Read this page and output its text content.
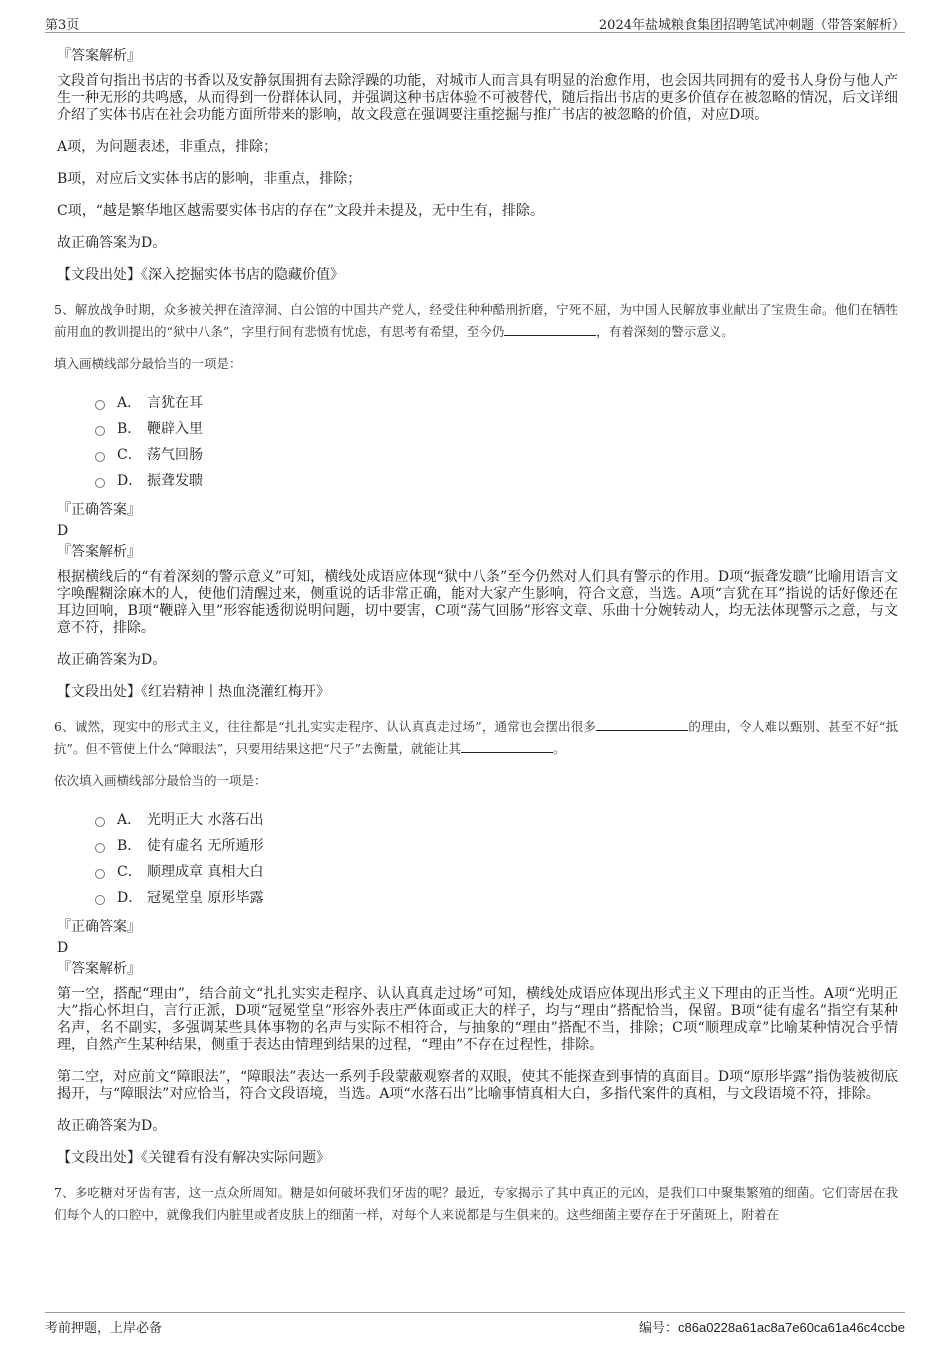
第3页	2024年盐城粮食集团招聘笔试冲刺题（带答案解析）
『答案解析』

文段首句指出书店的书香以及安静氛围拥有去除浮躁的功能，对城市人而言具有明显的治愈作用，也会因共同拥有的爱书人身份与他人产生一种无形的共鸣感，从而得到一份群体认同，并强调这种书店体验不可被替代，随后指出书店的更多价值存在被忽略的情况，后文详细介绍了实体书店在社会功能方面所带来的影响，故文段意在强调要注重挖掘与推广书店的被忽略的价值，对应D项。

A项，为问题表述，非重点，排除；

B项，对应后文实体书店的影响，非重点，排除；

C项，“越是繁华地区越需要实体书店的存在”文段并未提及，无中生有，排除。

故正确答案为D。

【文段出处】《深入挖掘实体书店的隐藏价值》

5、解放战争时期，众多被关押在渣滓洞、白公馆的中国共产党人，经受住种种酷刑折磨，宁死不屈，为中国人民解放事业献出了宝贵生命。他们在牺牲前用血的教训提出的“狱中八条”，字里行间有悲愤有忧虑，有思考有希望，至今仍	，有着深刻的警示意义。

填入画横线部分最恰当的一项是：

A． 言犹在耳
B． 鞭辟入里
C． 荡气回肠
D． 振聋发聩
『正确答案』
D
『答案解析』

根据横线后的“有着深刻的警示意义”可知，横线处成语应体现“狱中八条”至今仍然对人们具有警示的作用。D项“振聋发聩”比喻用语言文字唤醒糊涂麻木的人，使他们清醒过来，侧重说的话非常正确，能对大家产生影响，符合文意，当选。A项“言犹在耳”指说的话好像还在耳边回响，B项“鞭辟入里”形容能透彻说明问题，切中要害，C项“荡气回肠”形容文章、乐曲十分婉转动人，均无法体现警示之意，与文意不符，排除。

故正确答案为D。

【文段出处】《红岩精神丨热血浇灌红梅开》

6、诚然，现实中的形式主义，往往都是“扎扎实实走程序、认认真真走过场”，通常也会摆出很多	的理由，令人难以甄别、甚至不好“抵抗”。但不管使上什么“障眼法”，只要用结果这把“尺子”去衡量，就能让其	。

依次填入画横线部分最恰当的一项是：

A． 光明正大 水落石出
B． 徒有虚名 无所遁形
C． 顺理成章 真相大白
D． 冠冕堂皇 原形毕露
『正确答案』
D
『答案解析』

第一空，搭配“理由”，结合前文“扎扎实实走程序、认认真真走过场”可知，横线处成语应体现出形式主义下理由的正当性。A项“光明正大”指心怀坦白，言行正派，D项“冠冕堂皇”形容外表庄严体面或正大的样子，均与“理由”搭配恰当，保留。B项“徒有虚名”指空有某种名声，名不副实，多强调某些具体事物的名声与实际不相符合，与抽象的“理由”搭配不当，排除；C项“顺理成章”比喻某种情况合乎情理，自然产生某种结果，侧重于表达由情理到结果的过程，“理由”不存在过程性，排除。

第二空，对应前文“障眼法”，“障眼法”表达一系列手段蒙蔽观察者的双眼，使其不能探查到事情的真面目。D项“原形毕露”指伪装被彻底揭开，与“障眼法”对应恰当，符合文段语境，当选。A项“水落石出”比喻事情真相大白，多指代案件的真相，与文段语境不符，排除。

故正确答案为D。

【文段出处】《关键看有没有解决实际问题》

7、多吃糖对牙齿有害，这一点众所周知。糖是如何破坏我们牙齿的呢？最近，专家揭示了其中真正的元凶，是我们口中聚集繁殖的细菌。它们寄居在我们每个人的口腔中，就像我们内脏里或者皮肤上的细菌一样，对每个人来说都是与生俱来的。这些细菌主要存在于牙菌斑上，附着在

考前押题，上岸必备	编号：c86a0228a61ac8a7e60ca61a46c4ccbe
